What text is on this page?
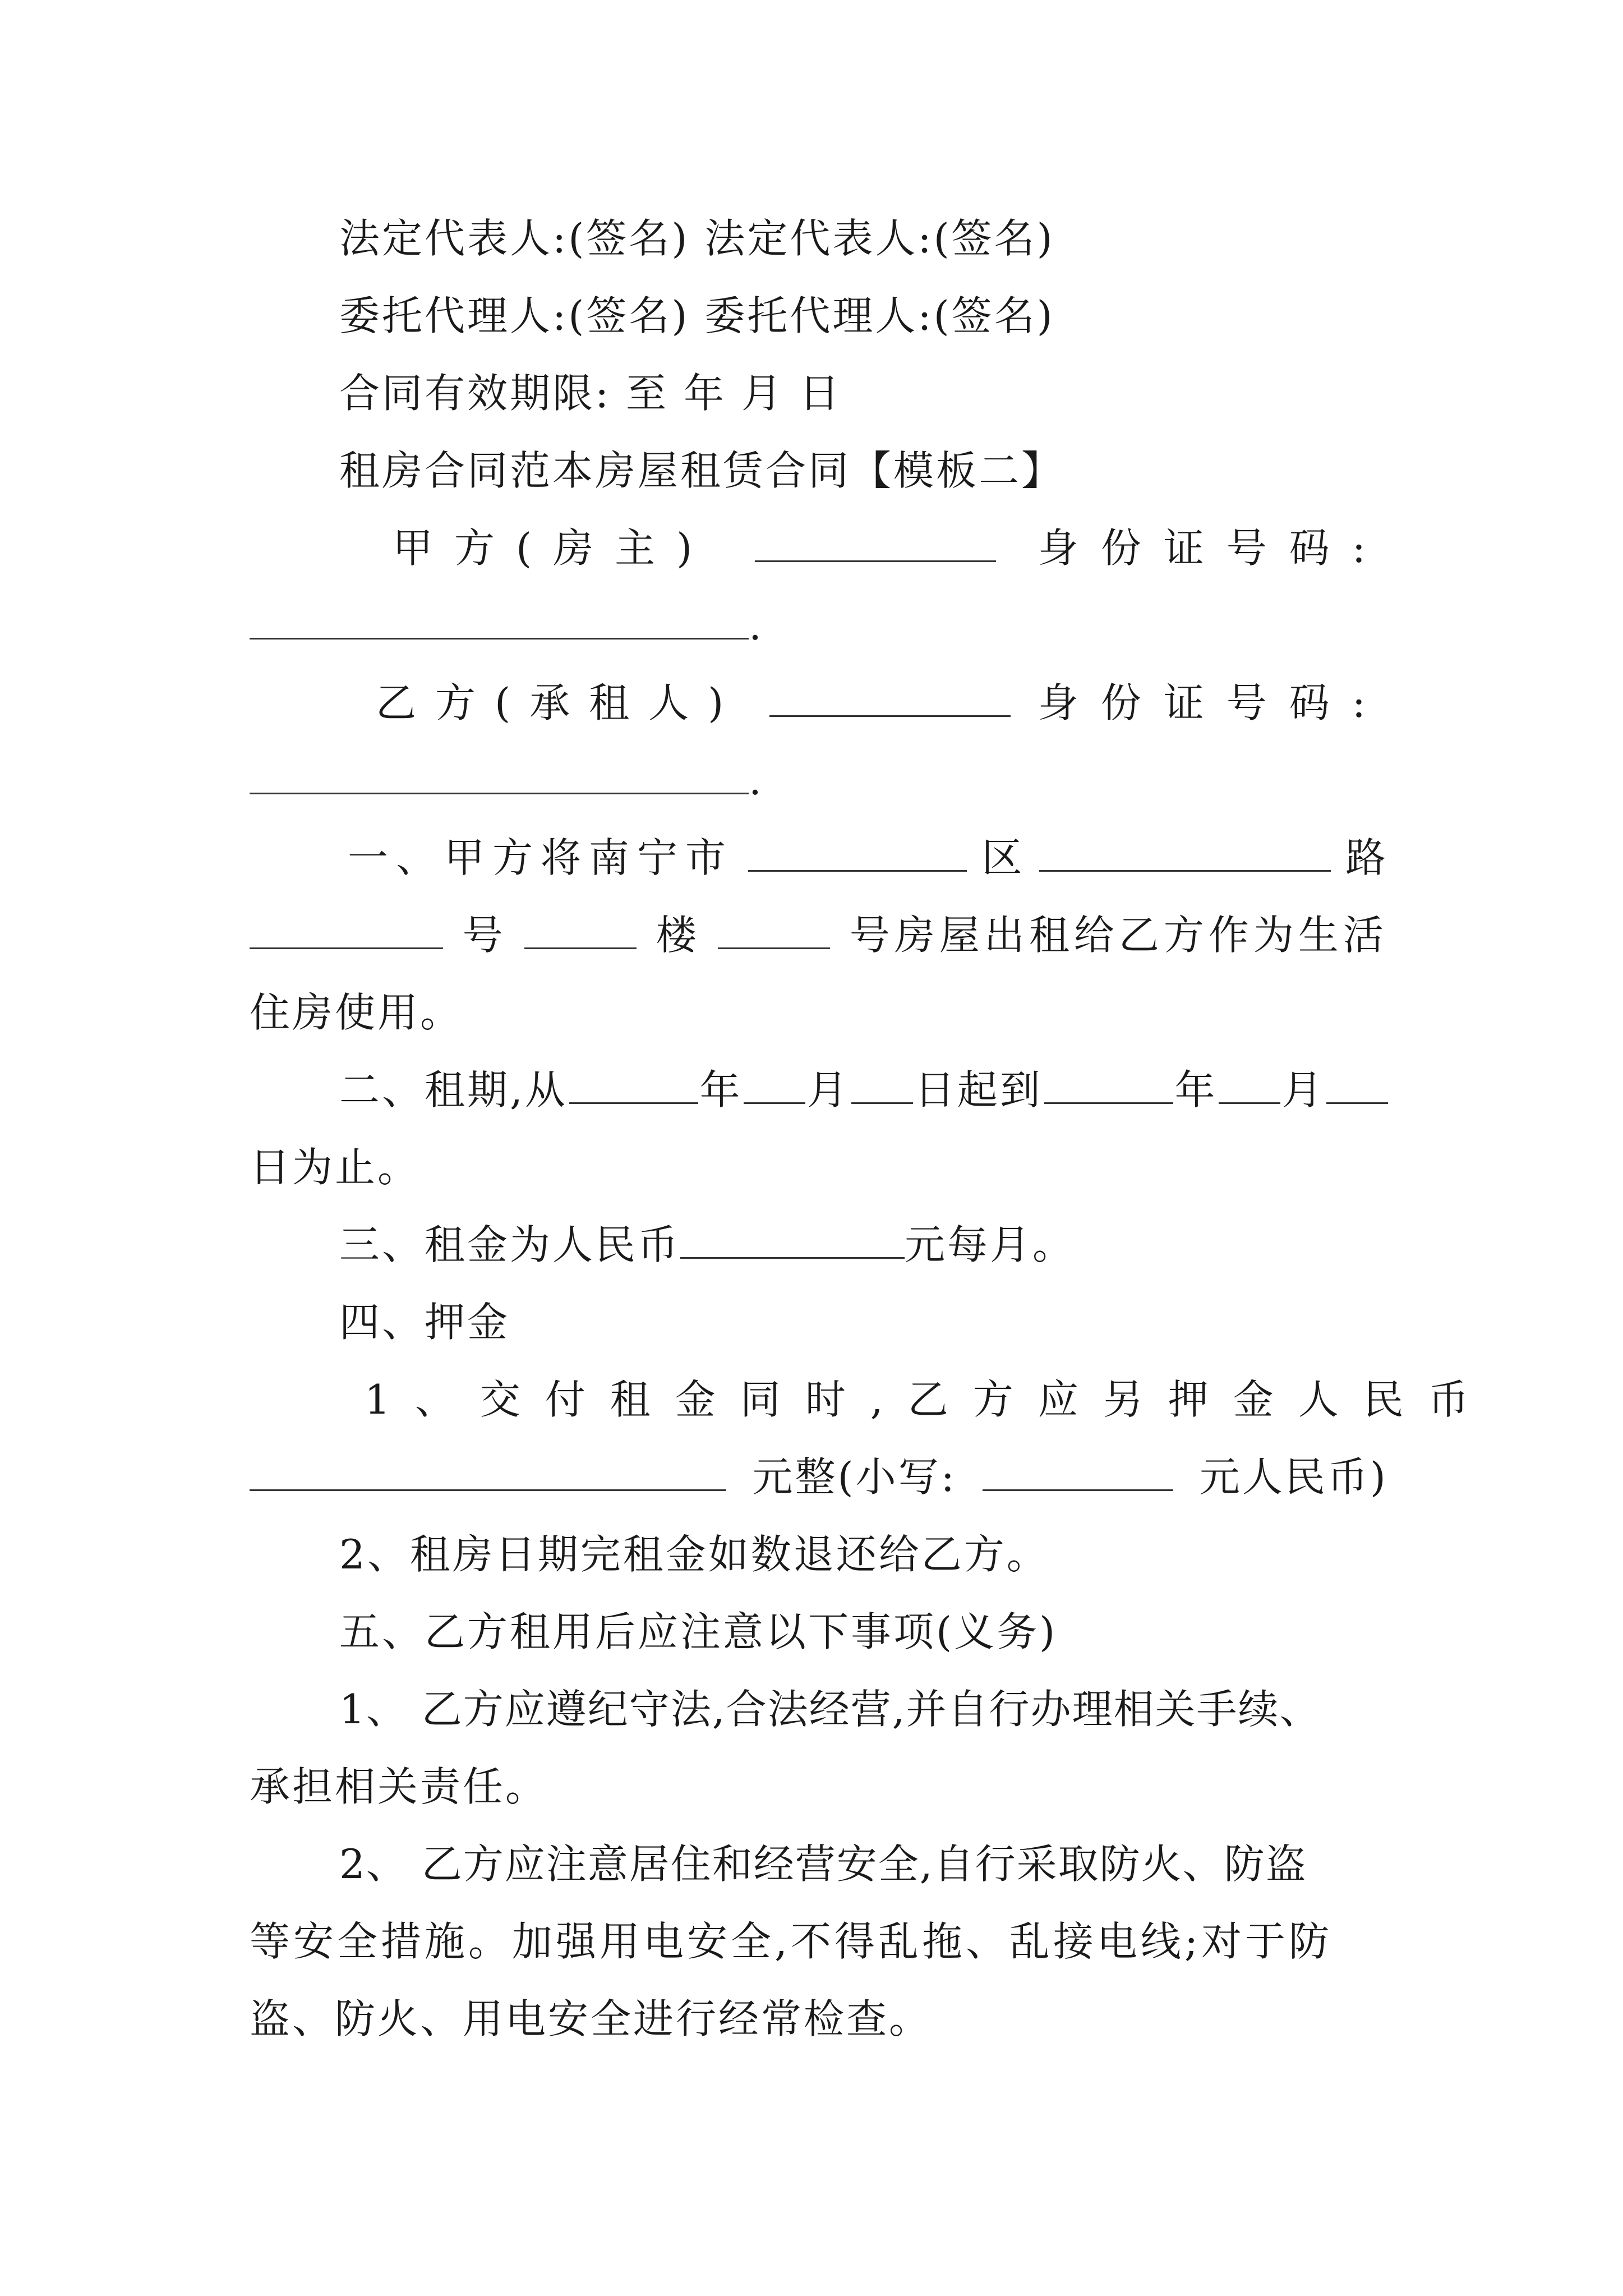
法定代表人:(签名) 法定代表人:(签名)
委托代理人:(签名) 委托代理人:(签名)
合同有效期限: 至 年 月 日
租房合同范本房屋租赁合同【模板二】
甲方(房主)	身份证号码:
.
乙方(承租人)	身份证号码:
.
一、甲方将南宁市	区	路
号	楼	号房屋出租给乙方作为生活
住房使用。
二、租期,从	年 月 日起到	年 月
日为止。
三、租金为人民币	元每月。
四、押金
1、交付租金同时,乙方应另押金人民币
元整(小写:	元人民币)
2、租房日期完租金如数退还给乙方。
五、乙方租用后应注意以下事项(义务)
1、 乙方应遵纪守法,合法经营,并自行办理相关手续、
承担相关责任。
2、 乙方应注意居住和经营安全,自行采取防火、防盗
等安全措施。加强用电安全,不得乱拖、乱接电线;对于防
盗、防火、用电安全进行经常检查。
